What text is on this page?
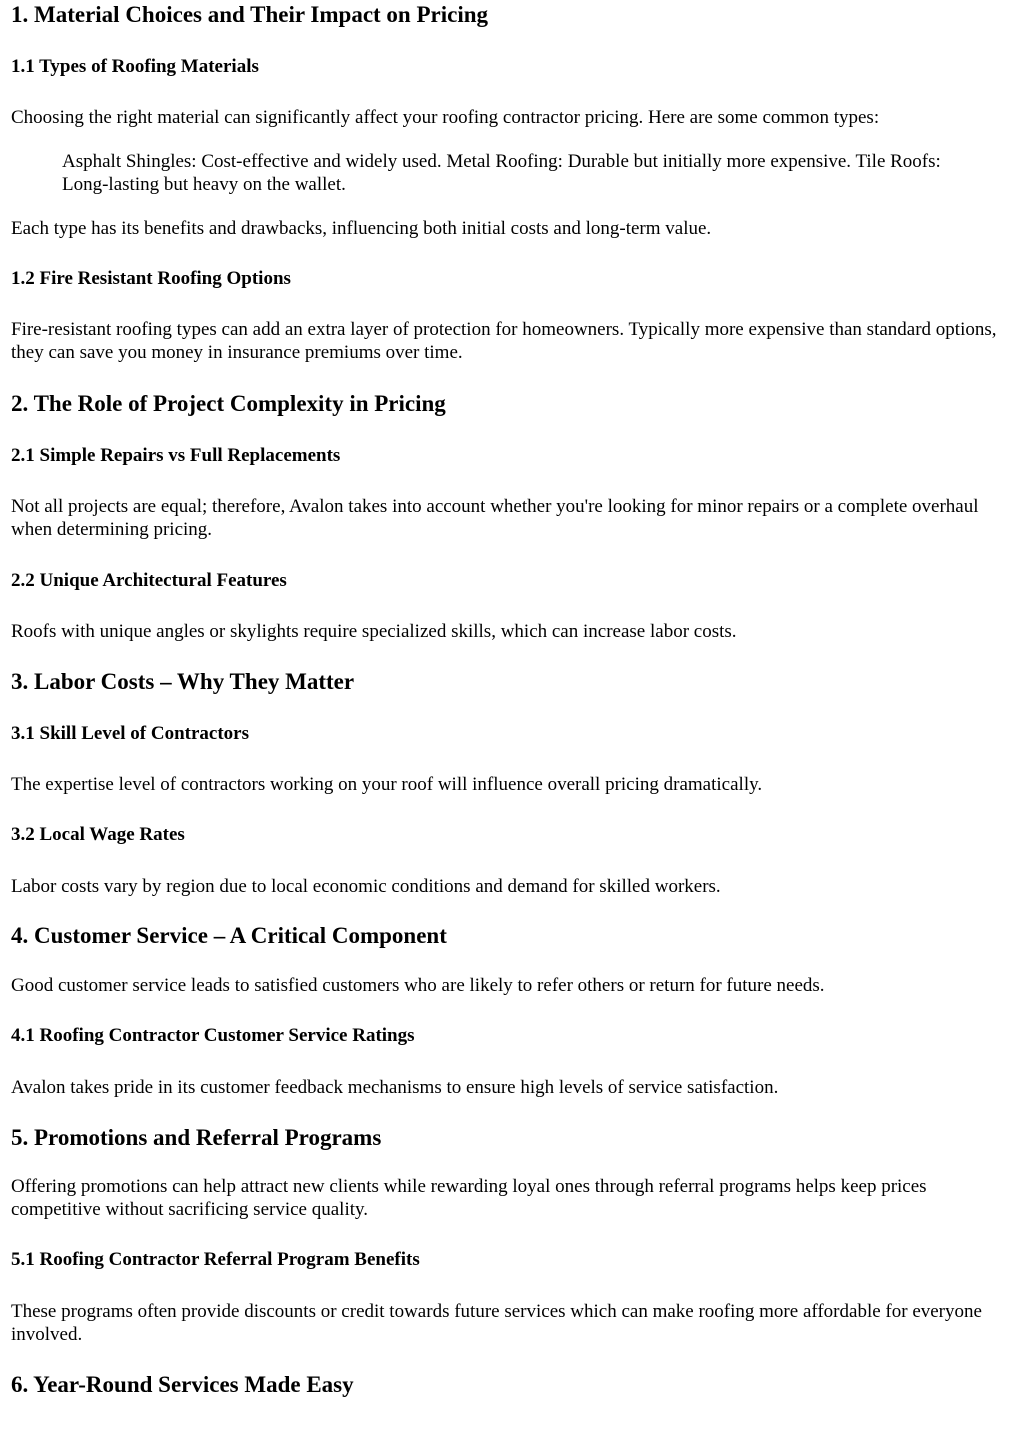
1. Material Choices and Their Impact on Pricing
1.1 Types of Roofing Materials

Choosing the right material can significantly affect your roofing contractor pricing. Here are some common types:

Asphalt Shingles: Cost-effective and widely used. Metal Roofing: Durable but initially more expensive. Tile Roofs: Long-lasting but heavy on the wallet.

Each type has its benefits and drawbacks, influencing both initial costs and long-term value.

1.2 Fire Resistant Roofing Options

Fire-resistant roofing types can add an extra layer of protection for homeowners. Typically more expensive than standard options, they can save you money in insurance premiums over time.

2. The Role of Project Complexity in Pricing
2.1 Simple Repairs vs Full Replacements

Not all projects are equal; therefore, Avalon takes into account whether you're looking for minor repairs or a complete overhaul when determining pricing.

2.2 Unique Architectural Features

Roofs with unique angles or skylights require specialized skills, which can increase labor costs.

3. Labor Costs – Why They Matter
3.1 Skill Level of Contractors

The expertise level of contractors working on your roof will influence overall pricing dramatically.

3.2 Local Wage Rates

Labor costs vary by region due to local economic conditions and demand for skilled workers.

4. Customer Service – A Critical Component

Good customer service leads to satisfied customers who are likely to refer others or return for future needs.

4.1 Roofing Contractor Customer Service Ratings

Avalon takes pride in its customer feedback mechanisms to ensure high levels of service satisfaction.

5. Promotions and Referral Programs

Offering promotions can help attract new clients while rewarding loyal ones through referral programs helps keep prices competitive without sacrificing service quality.

5.1 Roofing Contractor Referral Program Benefits

These programs often provide discounts or credit towards future services which can make roofing more affordable for everyone involved.

6. Year-Round Services Made Easy
